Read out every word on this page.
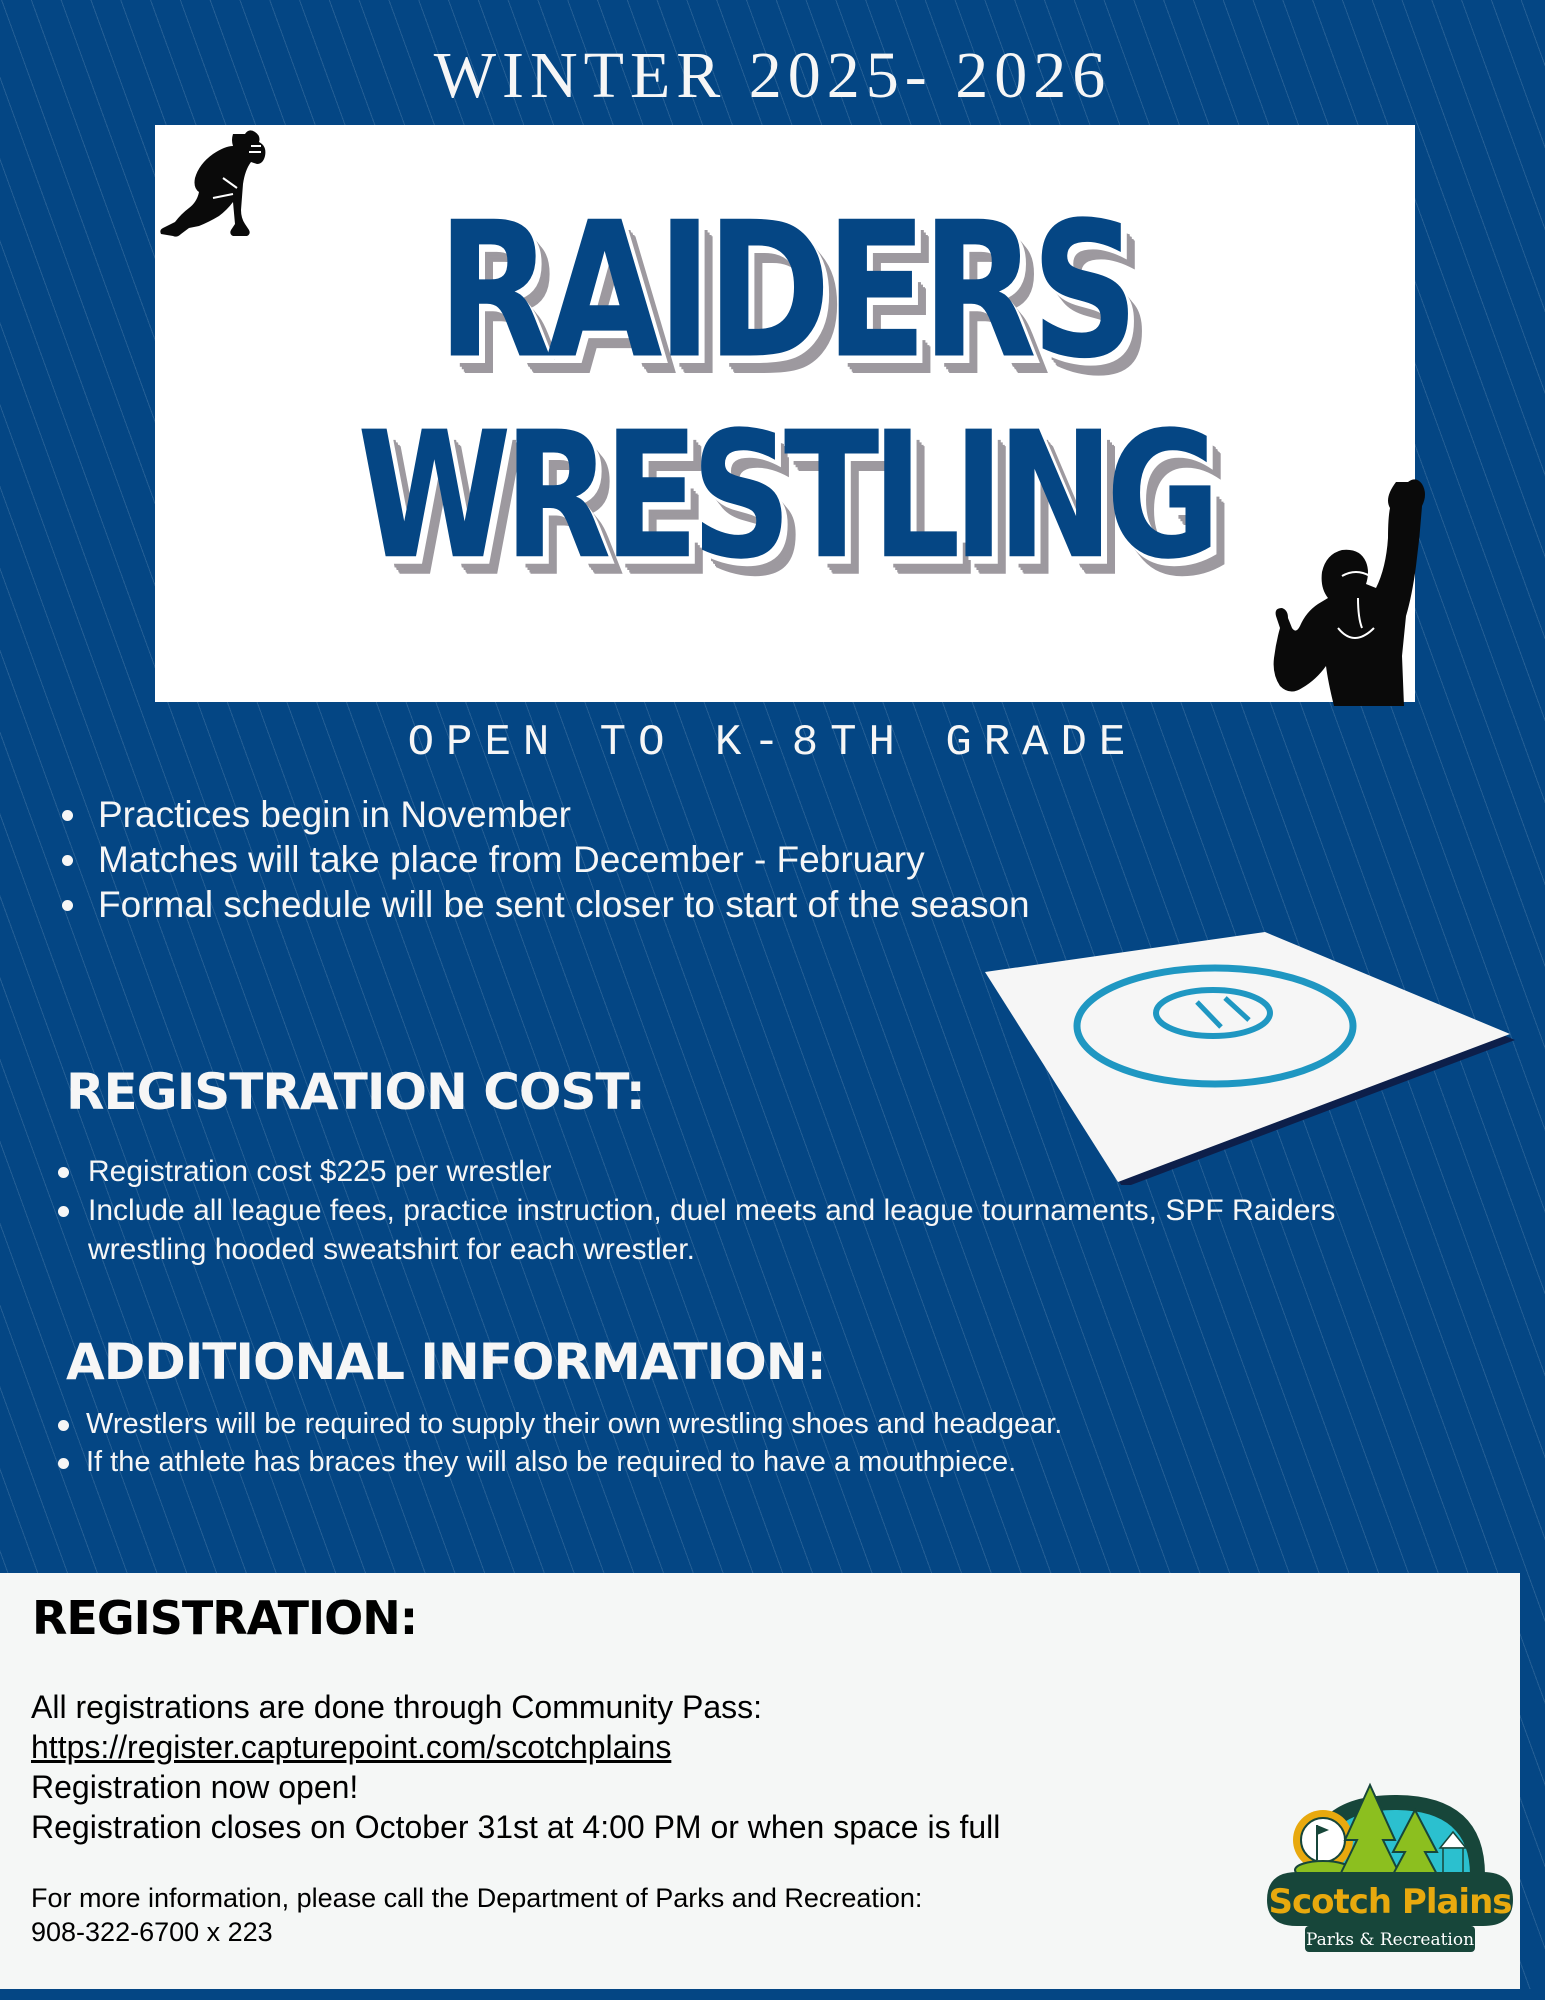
WINTER 2025- 2026
RAIDERS
WRESTLING
OPEN TO K-8TH GRADE
Practices begin in November
Matches will take place from December - February
Formal schedule will be sent closer to start of the season
REGISTRATION COST:
Registration cost $225 per wrestler
Include all league fees, practice instruction, duel meets and league tournaments, SPF Raiders wrestling hooded sweatshirt for each wrestler.
ADDITIONAL INFORMATION:
Wrestlers will be required to supply their own wrestling shoes and headgear.
If the athlete has braces they will also be required to have a mouthpiece.
REGISTRATION:
All registrations are done through Community Pass:
https://register.capturepoint.com/scotchplains
Registration now open!
Registration closes on October 31st at 4:00 PM or when space is full
For more information, please call the Department of Parks and Recreation:
908-322-6700 x 223
Scotch Plains
Parks & Recreation
